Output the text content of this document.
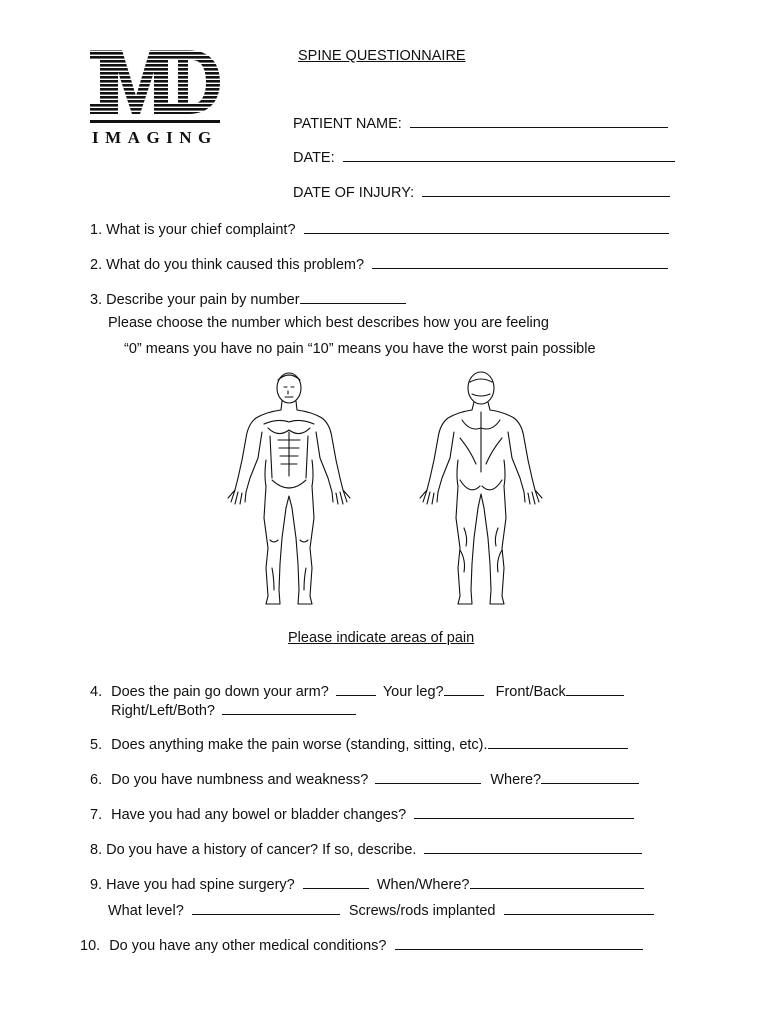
IMAGING
SPINE QUESTIONNAIRE
PATIENT NAME:
DATE:
DATE OF INJURY:
1. What is your chief complaint?
2. What do you think caused this problem?
3. Describe your pain by number
Please choose the number which best describes how you are feeling
“0” means you have no pain “10” means you have the worst pain possible
Please indicate areas of pain
4. Does the pain go down your arm?	Your leg?	Front/Back
Right/Left/Both?
5. Does anything make the pain worse (standing, sitting, etc).
6. Do you have numbness and weakness?	Where?
7. Have you had any bowel or bladder changes?
8. Do you have a history of cancer? If so, describe.
9. Have you had spine surgery?	When/Where?
What level?	Screws/rods implanted
10. Do you have any other medical conditions?
